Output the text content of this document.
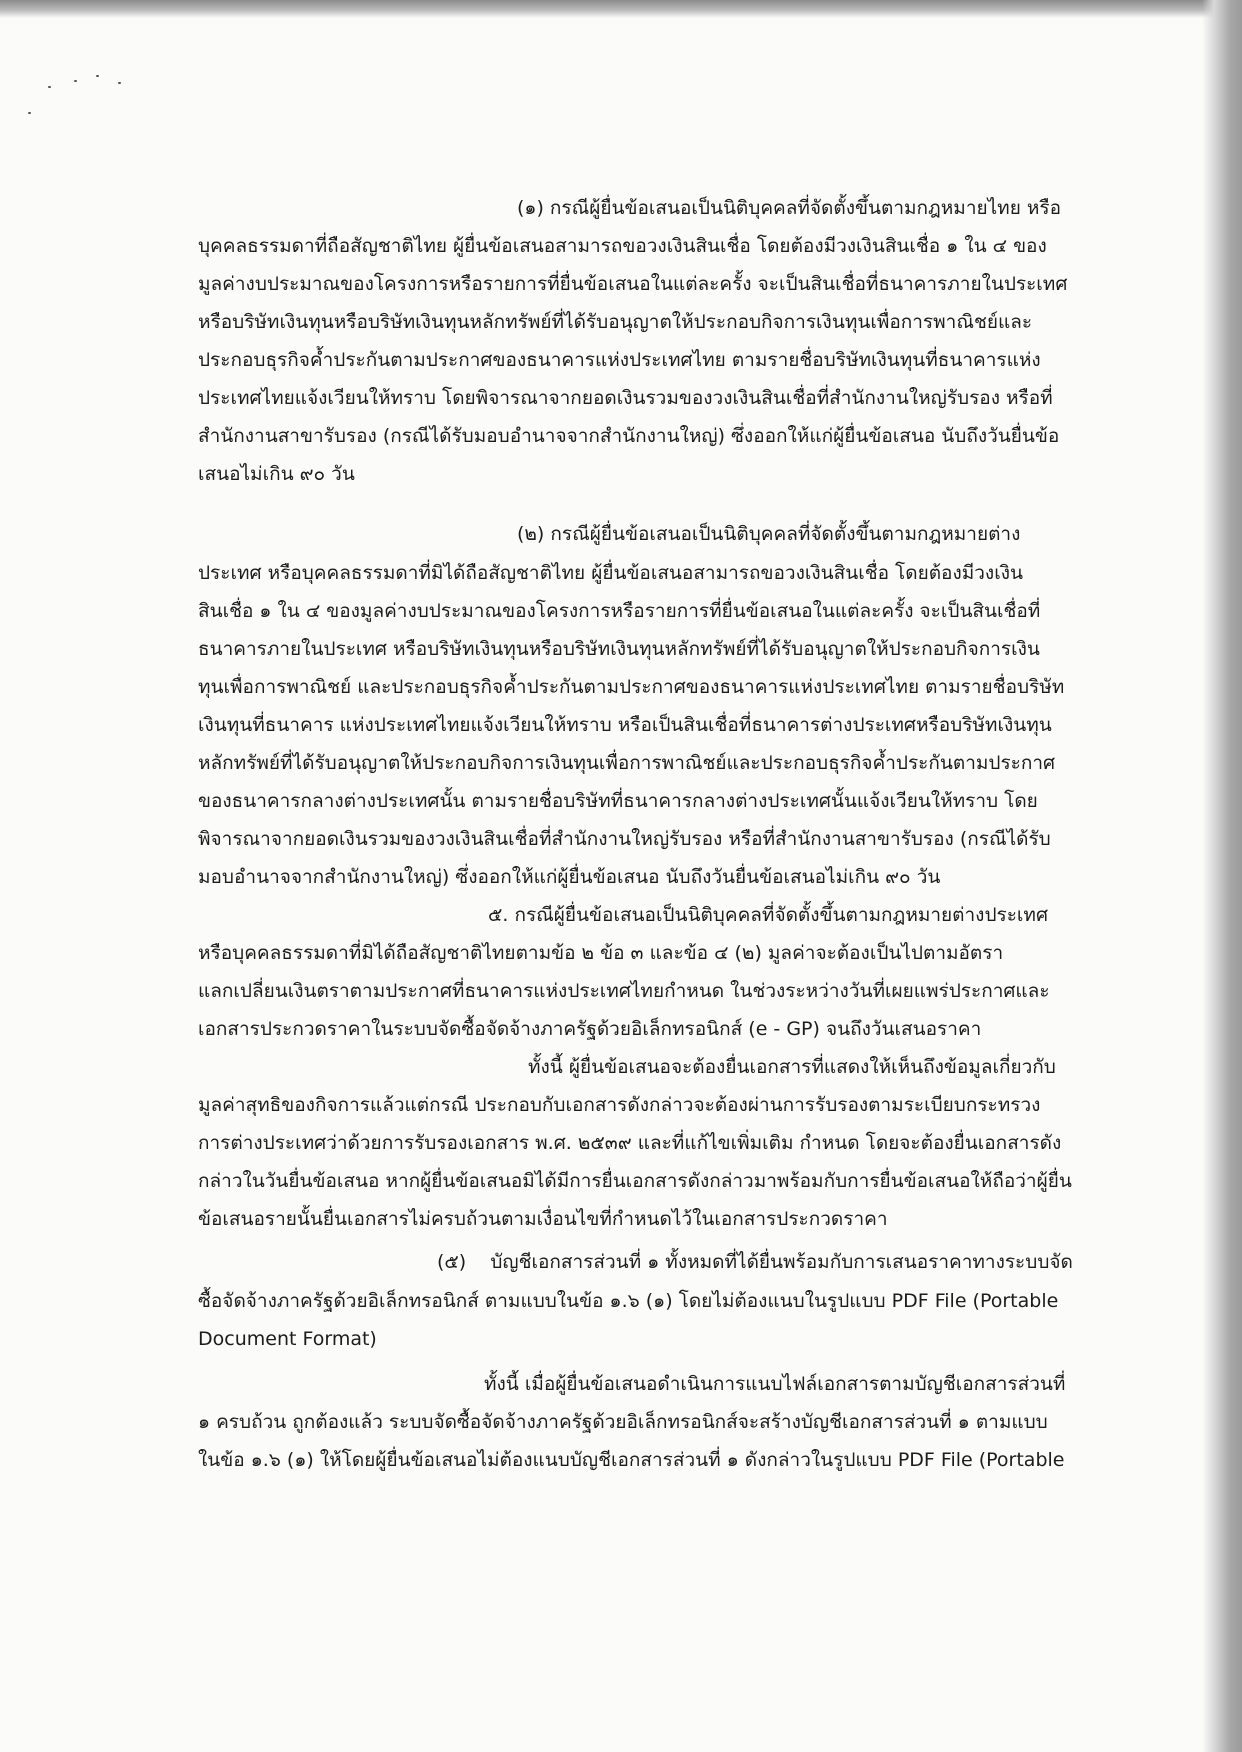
(๑) กรณีผู้ยื่นข้อเสนอเป็นนิติบุคคลที่จัดตั้งขึ้นตามกฎหมายไทย หรือ
บุคคลธรรมดาที่ถือสัญชาติไทย ผู้ยื่นข้อเสนอสามารถขอวงเงินสินเชื่อ โดยต้องมีวงเงินสินเชื่อ ๑ ใน ๔ ของ
มูลค่างบประมาณของโครงการหรือรายการที่ยื่นข้อเสนอในแต่ละครั้ง จะเป็นสินเชื่อที่ธนาคารภายในประเทศ
หรือบริษัทเงินทุนหรือบริษัทเงินทุนหลักทรัพย์ที่ได้รับอนุญาตให้ประกอบกิจการเงินทุนเพื่อการพาณิชย์และ
ประกอบธุรกิจค้ำประกันตามประกาศของธนาคารแห่งประเทศไทย ตามรายชื่อบริษัทเงินทุนที่ธนาคารแห่ง
ประเทศไทยแจ้งเวียนให้ทราบ โดยพิจารณาจากยอดเงินรวมของวงเงินสินเชื่อที่สำนักงานใหญ่รับรอง หรือที่
สำนักงานสาขารับรอง (กรณีได้รับมอบอำนาจจากสำนักงานใหญ่) ซึ่งออกให้แก่ผู้ยื่นข้อเสนอ นับถึงวันยื่นข้อ
เสนอไม่เกิน ๙๐ วัน
(๒) กรณีผู้ยื่นข้อเสนอเป็นนิติบุคคลที่จัดตั้งขึ้นตามกฎหมายต่าง
ประเทศ หรือบุคคลธรรมดาที่มิได้ถือสัญชาติไทย ผู้ยื่นข้อเสนอสามารถขอวงเงินสินเชื่อ โดยต้องมีวงเงิน
สินเชื่อ ๑ ใน ๔ ของมูลค่างบประมาณของโครงการหรือรายการที่ยื่นข้อเสนอในแต่ละครั้ง จะเป็นสินเชื่อที่
ธนาคารภายในประเทศ หรือบริษัทเงินทุนหรือบริษัทเงินทุนหลักทรัพย์ที่ได้รับอนุญาตให้ประกอบกิจการเงิน
ทุนเพื่อการพาณิชย์ และประกอบธุรกิจค้ำประกันตามประกาศของธนาคารแห่งประเทศไทย ตามรายชื่อบริษัท
เงินทุนที่ธนาคาร แห่งประเทศไทยแจ้งเวียนให้ทราบ หรือเป็นสินเชื่อที่ธนาคารต่างประเทศหรือบริษัทเงินทุน
หลักทรัพย์ที่ได้รับอนุญาตให้ประกอบกิจการเงินทุนเพื่อการพาณิชย์และประกอบธุรกิจค้ำประกันตามประกาศ
ของธนาคารกลางต่างประเทศนั้น ตามรายชื่อบริษัทที่ธนาคารกลางต่างประเทศนั้นแจ้งเวียนให้ทราบ โดย
พิจารณาจากยอดเงินรวมของวงเงินสินเชื่อที่สำนักงานใหญ่รับรอง หรือที่สำนักงานสาขารับรอง (กรณีได้รับ
มอบอำนาจจากสำนักงานใหญ่) ซึ่งออกให้แก่ผู้ยื่นข้อเสนอ นับถึงวันยื่นข้อเสนอไม่เกิน ๙๐ วัน
๕. กรณีผู้ยื่นข้อเสนอเป็นนิติบุคคลที่จัดตั้งขึ้นตามกฎหมายต่างประเทศ
หรือบุคคลธรรมดาที่มิได้ถือสัญชาติไทยตามข้อ ๒ ข้อ ๓ และข้อ ๔ (๒) มูลค่าจะต้องเป็นไปตามอัตรา
แลกเปลี่ยนเงินตราตามประกาศที่ธนาคารแห่งประเทศไทยกำหนด ในช่วงระหว่างวันที่เผยแพร่ประกาศและ
เอกสารประกวดราคาในระบบจัดซื้อจัดจ้างภาครัฐด้วยอิเล็กทรอนิกส์ (e - GP) จนถึงวันเสนอราคา
ทั้งนี้ ผู้ยื่นข้อเสนอจะต้องยื่นเอกสารที่แสดงให้เห็นถึงข้อมูลเกี่ยวกับ
มูลค่าสุทธิของกิจการแล้วแต่กรณี ประกอบกับเอกสารดังกล่าวจะต้องผ่านการรับรองตามระเบียบกระทรวง
การต่างประเทศว่าด้วยการรับรองเอกสาร พ.ศ. ๒๕๓๙ และที่แก้ไขเพิ่มเติม กำหนด โดยจะต้องยื่นเอกสารดัง
กล่าวในวันยื่นข้อเสนอ หากผู้ยื่นข้อเสนอมิได้มีการยื่นเอกสารดังกล่าวมาพร้อมกับการยื่นข้อเสนอให้ถือว่าผู้ยื่น
ข้อเสนอรายนั้นยื่นเอกสารไม่ครบถ้วนตามเงื่อนไขที่กำหนดไว้ในเอกสารประกวดราคา
(๕)    บัญชีเอกสารส่วนที่ ๑ ทั้งหมดที่ได้ยื่นพร้อมกับการเสนอราคาทางระบบจัด
ซื้อจัดจ้างภาครัฐด้วยอิเล็กทรอนิกส์ ตามแบบในข้อ ๑.๖ (๑) โดยไม่ต้องแนบในรูปแบบ PDF File (Portable
Document Format)
ทั้งนี้ เมื่อผู้ยื่นข้อเสนอดำเนินการแนบไฟล์เอกสารตามบัญชีเอกสารส่วนที่
๑ ครบถ้วน ถูกต้องแล้ว ระบบจัดซื้อจัดจ้างภาครัฐด้วยอิเล็กทรอนิกส์จะสร้างบัญชีเอกสารส่วนที่ ๑ ตามแบบ
ในข้อ ๑.๖ (๑) ให้โดยผู้ยื่นข้อเสนอไม่ต้องแนบบัญชีเอกสารส่วนที่ ๑ ดังกล่าวในรูปแบบ PDF File (Portable
